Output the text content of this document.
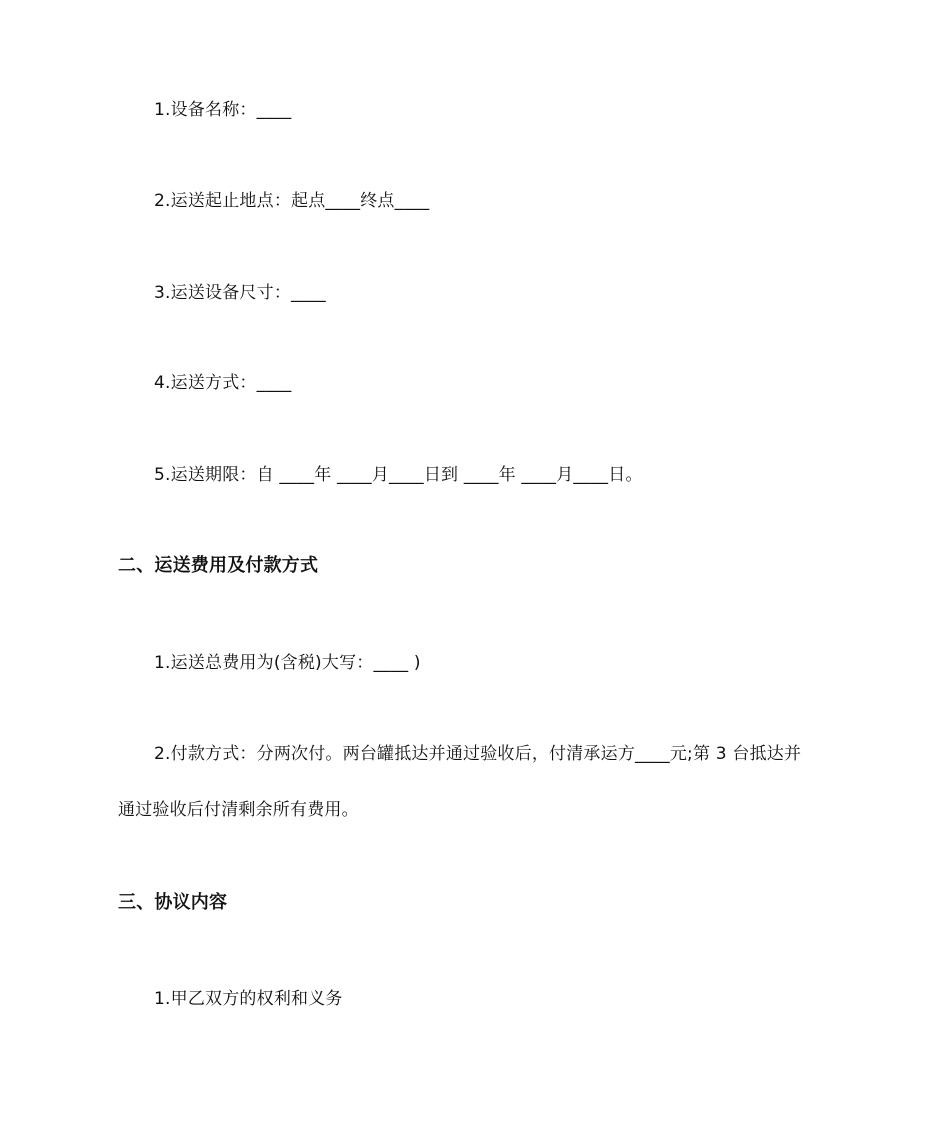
1.设备名称：____
2.运送起止地点：起点____终点____
3.运送设备尺寸：____
4.运送方式：____
5.运送期限：自 ____年 ____月____日到 ____年 ____月____日。
二、运送费用及付款方式
1.运送总费用为(含税)大写：____ )
2.付款方式：分两次付。两台罐抵达并通过验收后，付清承运方____元;第 3 台抵达并
通过验收后付清剩余所有费用。
三、协议内容
1.甲乙双方的权利和义务
